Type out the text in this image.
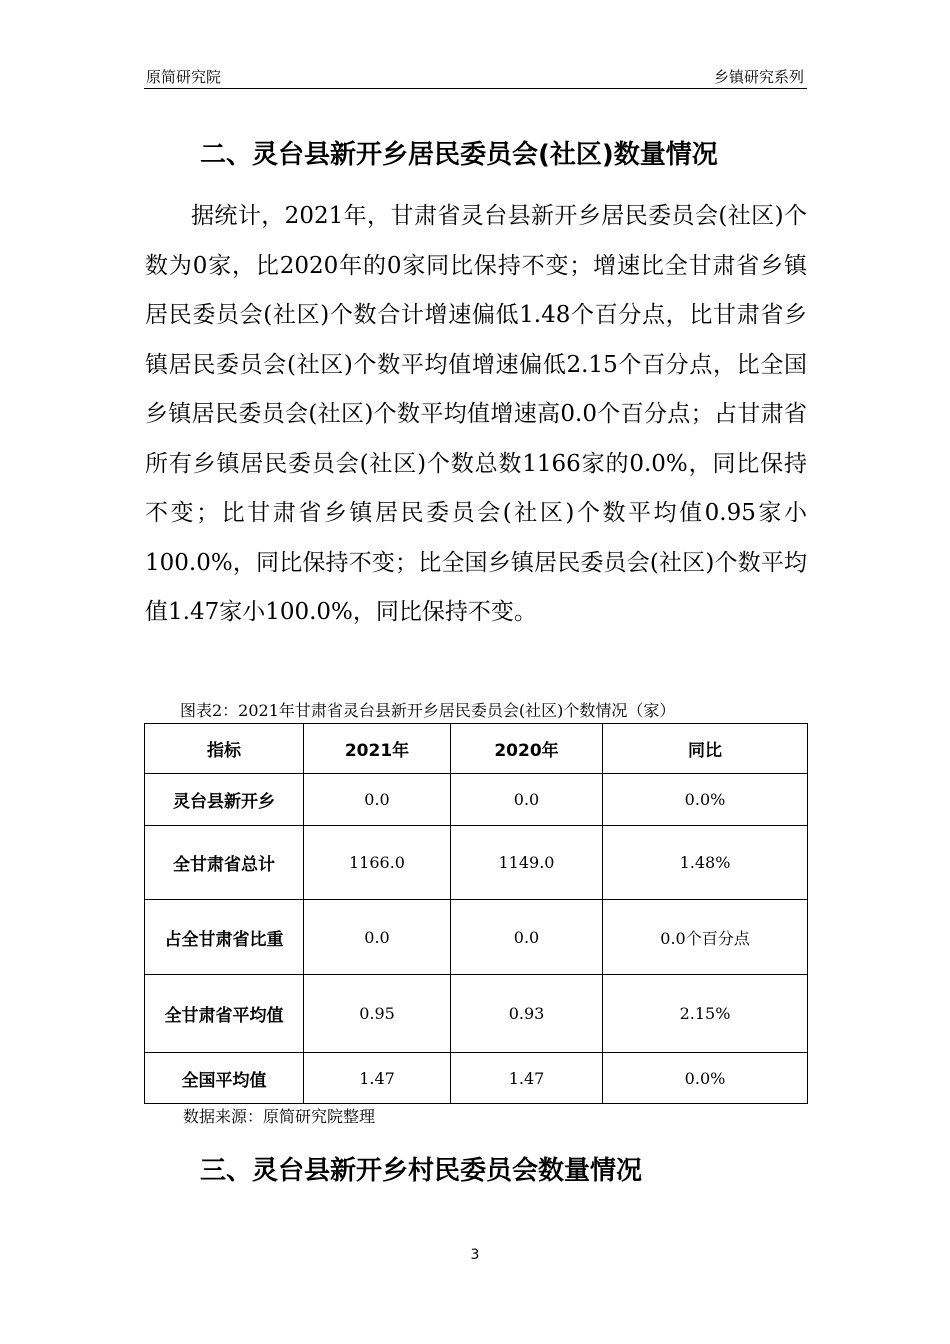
原简研究院	乡镇研究系列
二、灵台县新开乡居民委员会(社区)数量情况

据统计，2021年，甘肃省灵台县新开乡居民委员会(社区)个数为0家，比2020年的0家同比保持不变；增速比全甘肃省乡镇居民委员会(社区)个数合计增速偏低1.48个百分点，比甘肃省乡镇居民委员会(社区)个数平均值增速偏低2.15个百分点，比全国乡镇居民委员会(社区)个数平均值增速高0.0个百分点；占甘肃省所有乡镇居民委员会(社区)个数总数1166家的0.0%，同比保持不变；比甘肃省乡镇居民委员会(社区)个数平均值0.95家小100.0%，同比保持不变；比全国乡镇居民委员会(社区)个数平均值1.47家小100.0%，同比保持不变。

图表2：2021年甘肃省灵台县新开乡居民委员会(社区)个数情况（家）
指标	2021年	2020年	同比
灵台县新开乡	0.0	0.0	0.0%
全甘肃省总计	1166.0	1149.0	1.48%
占全甘肃省比重	0.0	0.0	0.0个百分点
全甘肃省平均值	0.95	0.93	2.15%
全国平均值	1.47	1.47	0.0%
数据来源：原简研究院整理
三、灵台县新开乡村民委员会数量情况
3
